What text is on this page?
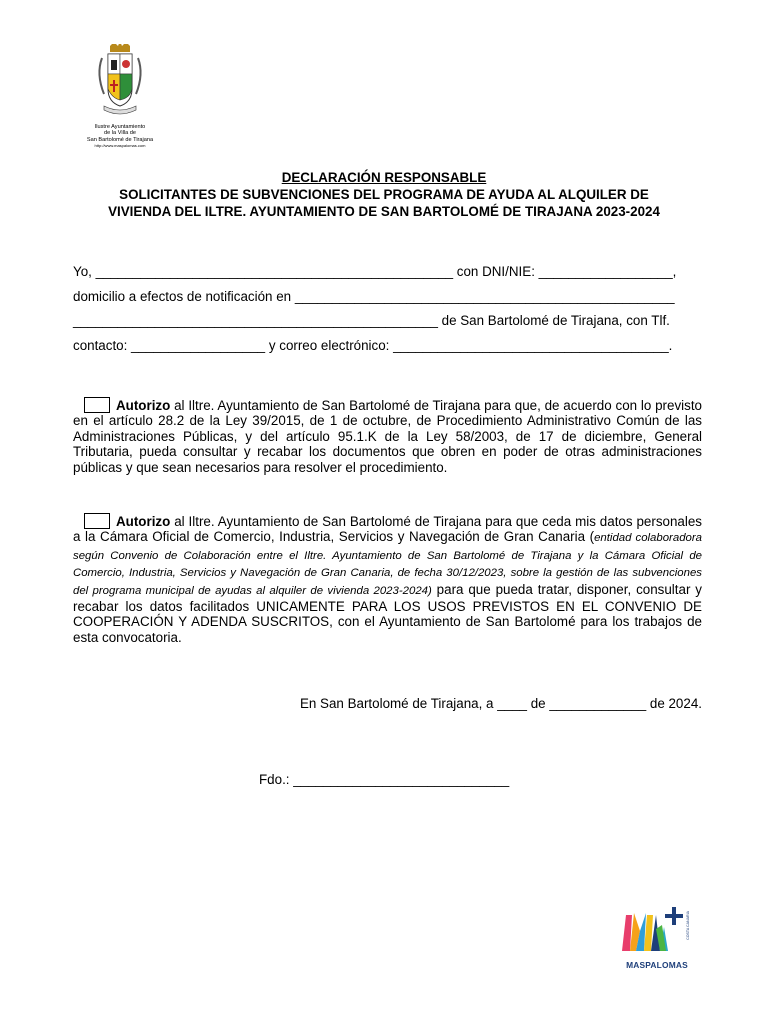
Ilustre Ayuntamiento
de la Villa de
San Bartolomé de Tirajana
http://www.maspalomas.com
DECLARACIÓN RESPONSABLE
SOLICITANTES DE SUBVENCIONES DEL PROGRAMA DE AYUDA AL ALQUILER DE
VIVIENDA DEL ILTRE. AYUNTAMIENTO DE SAN BARTOLOMÉ DE TIRAJANA 2023-2024

Yo, ________________________________________________ con DNI/NIE: __________________,

domicilio a efectos de notificación en ___________________________________________________

_________________________________________________ de San Bartolomé de Tirajana, con Tlf.

contacto: __________________ y correo electrónico: _____________________________________.

Autorizo al Iltre. Ayuntamiento de San Bartolomé de Tirajana para que, de acuerdo con lo previsto en el artículo 28.2 de la Ley 39/2015, de 1 de octubre, de Procedimiento Administrativo Común de las Administraciones Públicas, y del artículo 95.1.K de la Ley 58/2003, de 17 de diciembre, General Tributaria, pueda consultar y recabar los documentos que obren en poder de otras administraciones públicas y que sean necesarios para resolver el procedimiento.

Autorizo al Iltre. Ayuntamiento de San Bartolomé de Tirajana para que ceda mis datos personales a la Cámara Oficial de Comercio, Industria, Servicios y Navegación de Gran Canaria (entidad colaboradora según Convenio de Colaboración entre el Iltre. Ayuntamiento de San Bartolomé de Tirajana y la Cámara Oficial de Comercio, Industria, Servicios y Navegación de Gran Canaria, de fecha 30/12/2023, sobre la gestión de las subvenciones del programa municipal de ayudas al alquiler de vivienda 2023-2024) para que pueda tratar, disponer, consultar y recabar los datos facilitados UNICAMENTE PARA LOS USOS PREVISTOS EN EL CONVENIO DE COOPERACIÓN Y ADENDA SUSCRITOS, con el Ayuntamiento de San Bartolomé para los trabajos de esta convocatoria.

En San Bartolomé de Tirajana, a ____ de _____________ de 2024.
Fdo.: _____________________________
COSTA CANARIA
MASPALOMAS
